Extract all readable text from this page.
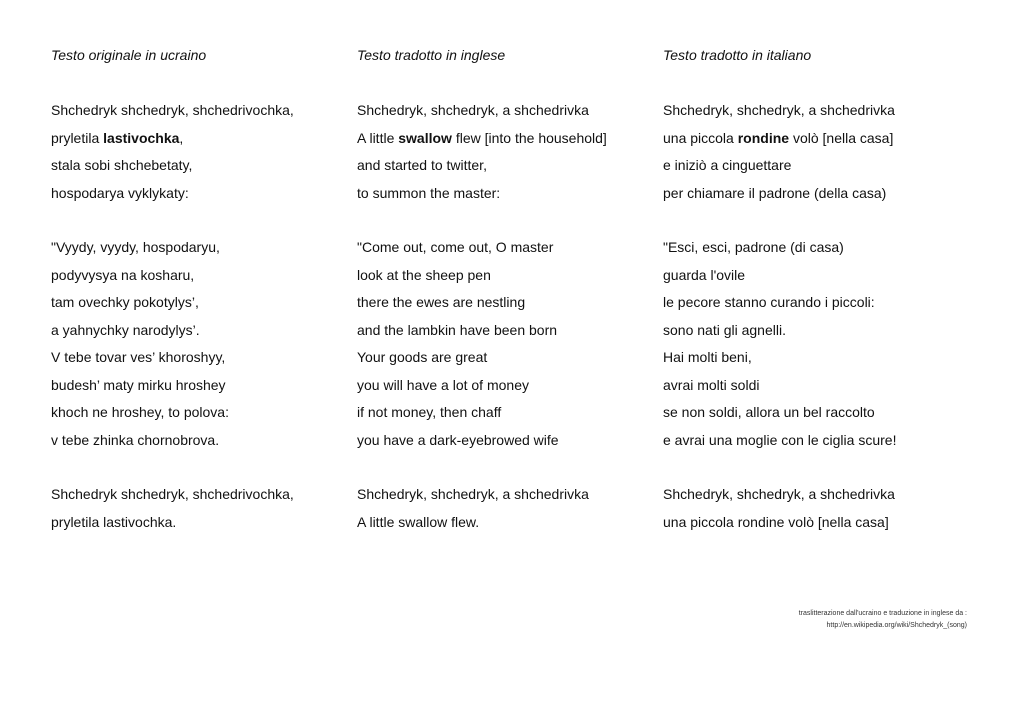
Testo originale in ucraino
Shchedryk shchedryk, shchedrivochka,
pryletila lastivochka,
stala sobi shchebetaty,
hospodarya vyklykaty:
"Vyydy, vyydy, hospodaryu,
podyvysya na kosharu,
tam ovechky pokotylys’,
a yahnychky narodylys’.
V tebe tovar ves’ khoroshyy,
budesh’ maty mirku hroshey
khoch ne hroshey, to polova:
v tebe zhinka chornobrova.
Shchedryk shchedryk, shchedrivochka,
pryletila lastivochka.
Testo tradotto in inglese
Shchedryk, shchedryk, a shchedrivka
A little swallow flew [into the household]
and started to twitter,
to summon the master:
"Come out, come out, O master
look at the sheep pen
there the ewes are nestling
and the lambkin have been born
Your goods are great
you will have a lot of money
if not money, then chaff
you have a dark-eyebrowed wife
Shchedryk, shchedryk, a shchedrivka
A little swallow flew.
Testo tradotto in italiano
Shchedryk, shchedryk, a shchedrivka
una piccola rondine volò [nella casa]
e iniziò a cinguettare
per chiamare il padrone (della casa)
"Esci, esci, padrone (di casa)
guarda l'ovile
le pecore stanno curando i piccoli:
sono nati gli agnelli.
Hai molti beni,
avrai molti soldi
se non soldi, allora un bel raccolto
e avrai una moglie con le ciglia scure!
Shchedryk, shchedryk, a shchedrivka
una piccola rondine volò [nella casa]
traslitterazione dall'ucraino e traduzione in inglese da :
http://en.wikipedia.org/wiki/Shchedryk_(song)
